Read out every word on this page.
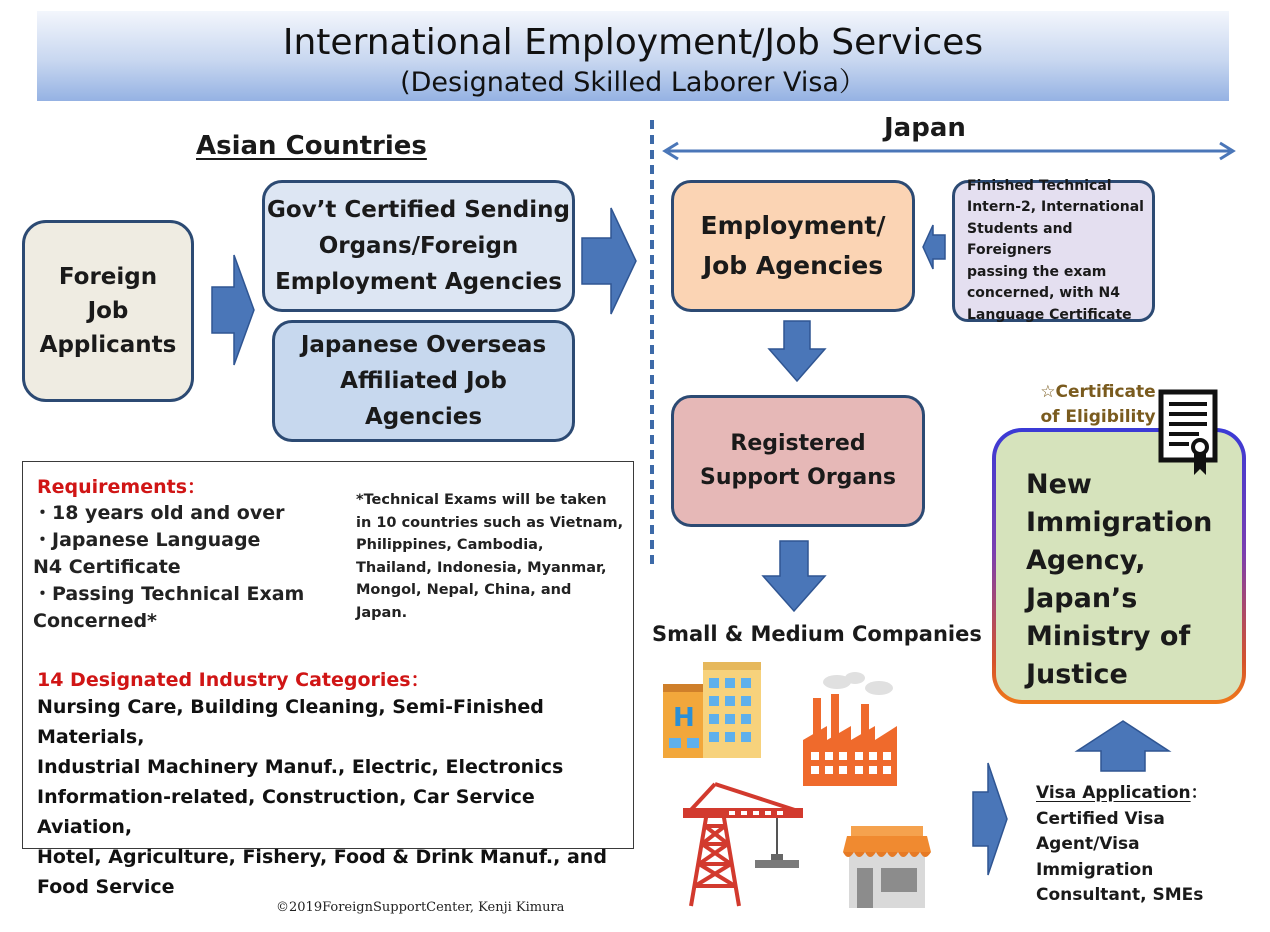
International Employment/Job Services
(Designated Skilled Laborer Visa）
Asian Countries
Japan
Foreign
Job
Applicants
Gov’t Certified Sending
Organs/Foreign
Employment Agencies
Japanese Overseas
Affiliated Job
Agencies
Employment/
Job Agencies
Finished Technical
Intern-2, International
Students and Foreigners
passing the exam
concerned, with N4
Language Certificate
Registered
Support Organs
Small & Medium Companies
H
☆Certificate
of Eligibility

New
Immigration
Agency,
Japan’s
Ministry of
Justice
Visa Application：
Certified Visa
Agent/Visa
Immigration
Consultant, SMEs
Requirements：
・18 years old and over
・Japanese Language
N4 Certificate
・Passing Technical Exam
Concerned*
*Technical Exams will be taken
in 10 countries such as Vietnam,
Philippines, Cambodia,
Thailand, Indonesia, Myanmar,
Mongol, Nepal, China, and
Japan.
14 Designated Industry Categories：
Nursing Care, Building Cleaning, Semi-Finished Materials,
Industrial Machinery Manuf., Electric, Electronics
Information-related, Construction, Car Service Aviation,
Hotel, Agriculture, Fishery, Food & Drink Manuf., and
Food Service
©2019ForeignSupportCenter, Kenji Kimura
